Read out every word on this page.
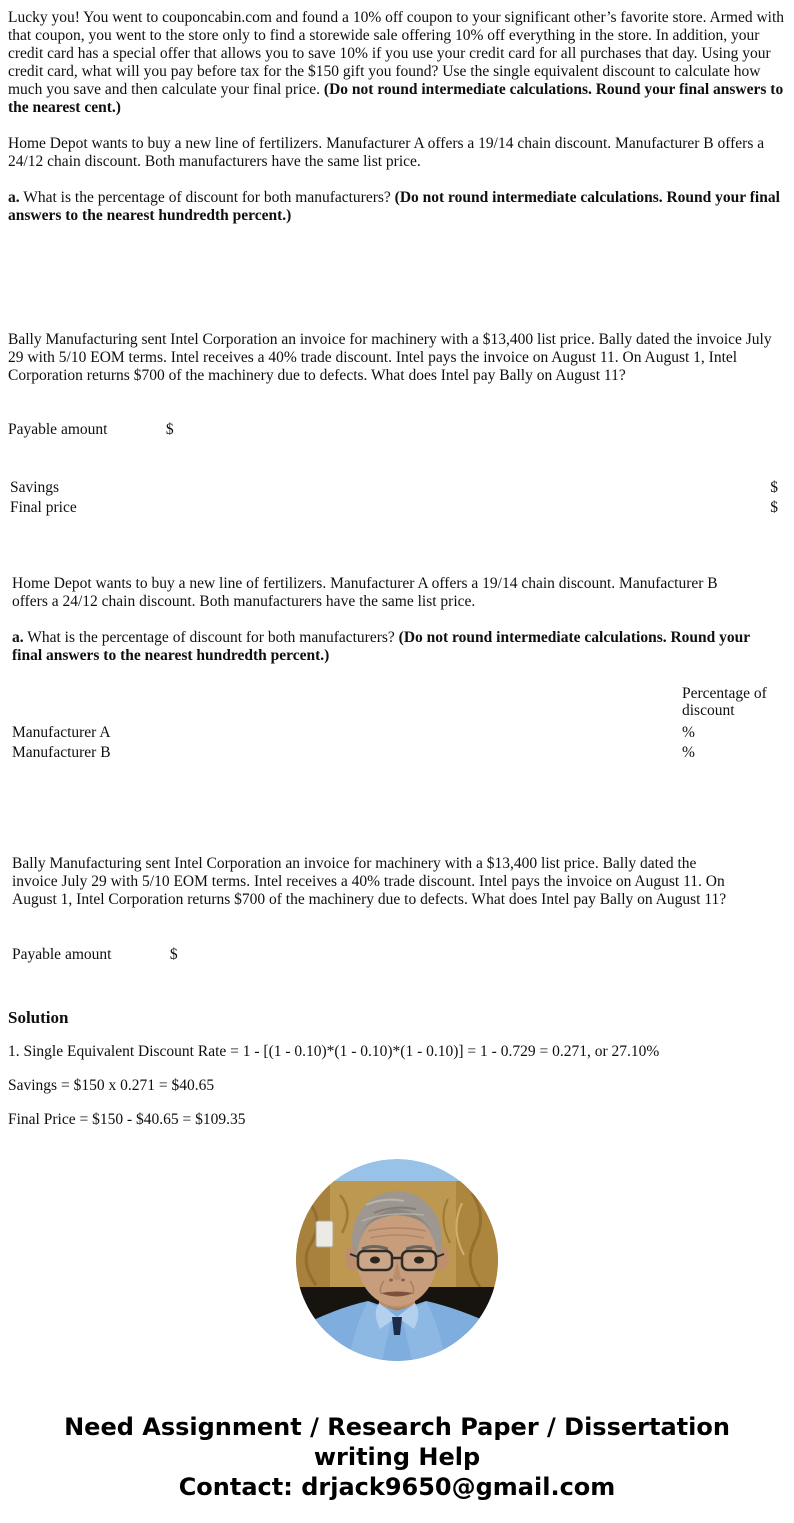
Lucky you! You went to couponcabin.com and found a 10% off coupon to your significant other’s favorite store. Armed with that coupon, you went to the store only to find a storewide sale offering 10% off everything in the store. In addition, your credit card has a special offer that allows you to save 10% if you use your credit card for all purchases that day. Using your credit card, what will you pay before tax for the $150 gift you found? Use the single equivalent discount to calculate how much you save and then calculate your final price. (Do not round intermediate calculations. Round your final answers to the nearest cent.)
Home Depot wants to buy a new line of fertilizers. Manufacturer A offers a 19/14 chain discount. Manufacturer B offers a 24/12 chain discount. Both manufacturers have the same list price.
a. What is the percentage of discount for both manufacturers? (Do not round intermediate calculations. Round your final answers to the nearest hundredth percent.)
Bally Manufacturing sent Intel Corporation an invoice for machinery with a $13,400 list price. Bally dated the invoice July 29 with 5/10 EOM terms. Intel receives a 40% trade discount. Intel pays the invoice on August 11. On August 1, Intel Corporation returns $700 of the machinery due to defects. What does Intel pay Bally on August 11?
Payable amount	$
Savings	$
Final price	$
Home Depot wants to buy a new line of fertilizers. Manufacturer A offers a 19/14 chain discount. Manufacturer B offers a 24/12 chain discount. Both manufacturers have the same list price.
a. What is the percentage of discount for both manufacturers? (Do not round intermediate calculations. Round your final answers to the nearest hundredth percent.)
Percentage of discount
Manufacturer A	%
Manufacturer B	%
Bally Manufacturing sent Intel Corporation an invoice for machinery with a $13,400 list price. Bally dated the invoice July 29 with 5/10 EOM terms. Intel receives a 40% trade discount. Intel pays the invoice on August 11. On August 1, Intel Corporation returns $700 of the machinery due to defects. What does Intel pay Bally on August 11?
Payable amount	$
Solution
1. Single Equivalent Discount Rate = 1 - [(1 - 0.10)*(1 - 0.10)*(1 - 0.10)] = 1 - 0.729 = 0.271, or 27.10%
Savings = $150 x 0.271 = $40.65
Final Price = $150 - $40.65 = $109.35
Need Assignment / Research Paper / Dissertation
writing Help
Contact: drjack9650@gmail.com
